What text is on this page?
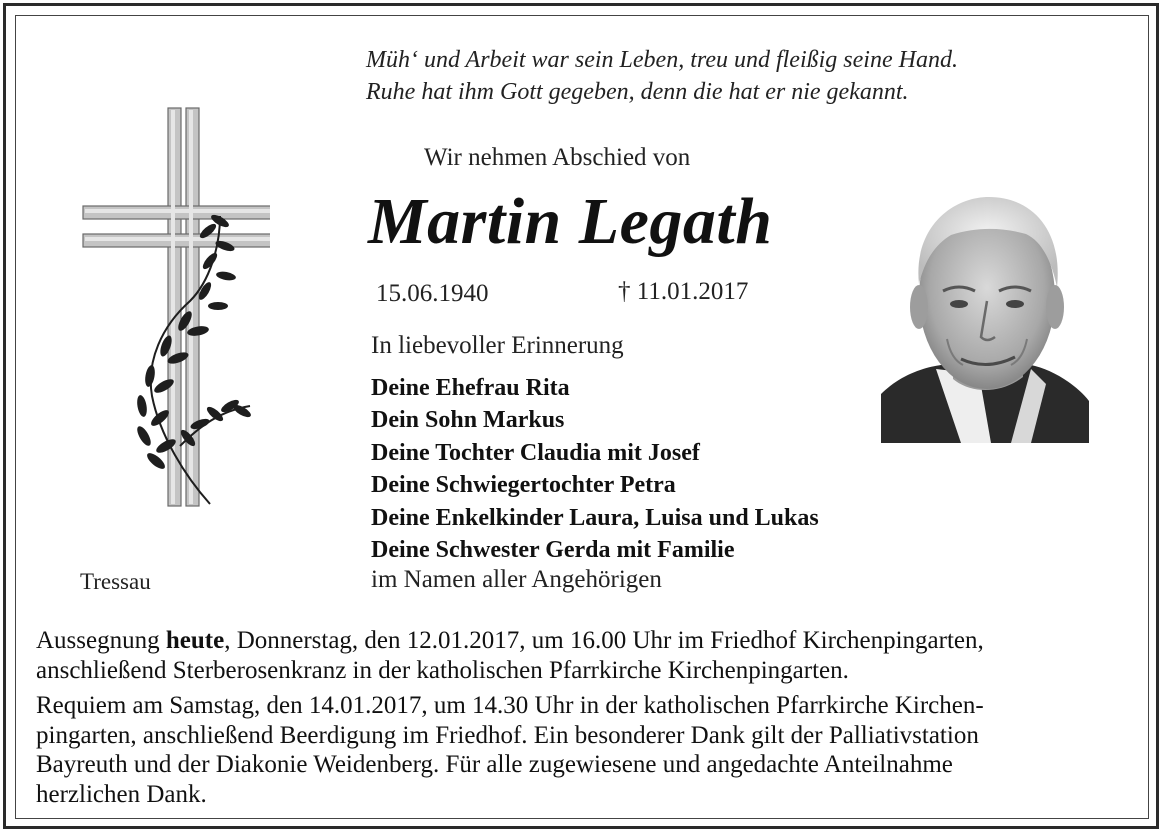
Müh‘ und Arbeit war sein Leben, treu und fleißig seine Hand.
Ruhe hat ihm Gott gegeben, denn die hat er nie gekannt.
Wir nehmen Abschied von
Martin Legath
15.06.1940	† 11.01.2017
In liebevoller Erinnerung
Deine Ehefrau Rita
Dein Sohn Markus
Deine Tochter Claudia mit Josef
Deine Schwiegertochter Petra
Deine Enkelkinder Laura, Luisa und Lukas
Deine Schwester Gerda mit Familie
im Namen aller Angehörigen
Tressau
Aussegnung heute, Donnerstag, den 12.01.2017, um 16.00 Uhr im Friedhof Kirchenpingarten,
anschließend Sterberosenkranz in der katholischen Pfarrkirche Kirchenpingarten.
Requiem am Samstag, den 14.01.2017, um 14.30 Uhr in der katholischen Pfarrkirche Kirchen-
pingarten, anschließend Beerdigung im Friedhof. Ein besonderer Dank gilt der Palliativstation
Bayreuth und der Diakonie Weidenberg. Für alle zugewiesene und angedachte Anteilnahme
herzlichen Dank.
